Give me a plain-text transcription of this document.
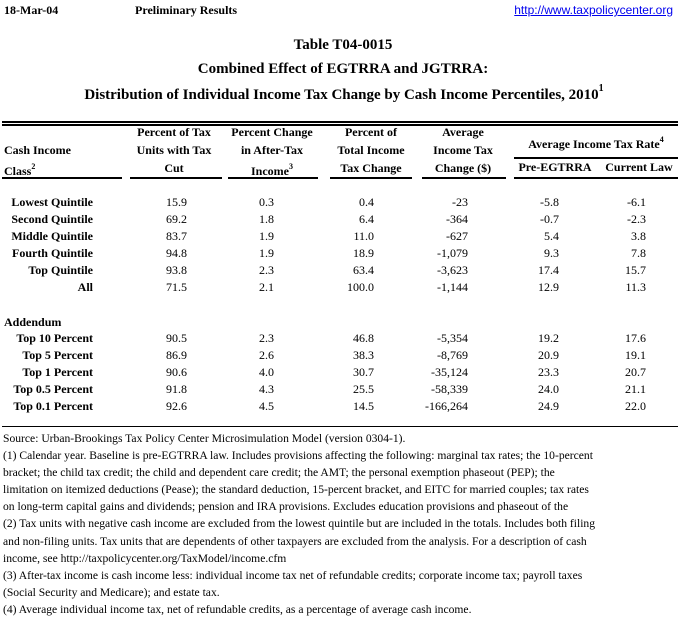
18-Mar-04	Preliminary Results	http://www.taxpolicycenter.org
Table T04-0015
Combined Effect of EGTRRA and JGTRRA:
Distribution of Individual Income Tax Change by Cash Income Percentiles, 2010$^1$
Cash Income Class$^2$
Percent of Tax
Units with Tax
Cut
Percent Change
in After-Tax
Income$^3$
Percent of
Total Income
Tax Change
Average
Income Tax
Change ($)
Average Income Tax Rate$^4$
Pre-EGTRRA	Current Law
Lowest Quintile	15.9	0.3	0.4	-23	-5.8	-6.1
Second Quintile	69.2	1.8	6.4	-364	-0.7	-2.3
Middle Quintile	83.7	1.9	11.0	-627	5.4	3.8
Fourth Quintile	94.8	1.9	18.9	-1,079	9.3	7.8
Top Quintile	93.8	2.3	63.4	-3,623	17.4	15.7
All	71.5	2.1	100.0	-1,144	12.9	11.3
Addendum
Top 10 Percent	90.5	2.3	46.8	-5,354	19.2	17.6
Top 5 Percent	86.9	2.6	38.3	-8,769	20.9	19.1
Top 1 Percent	90.6	4.0	30.7	-35,124	23.3	20.7
Top 0.5 Percent	91.8	4.3	25.5	-58,339	24.0	21.1
Top 0.1 Percent	92.6	4.5	14.5	-166,264	24.9	22.0

Source: Urban-Brookings Tax Policy Center Microsimulation Model (version 0304-1).

(1) Calendar year. Baseline is pre-EGTRRA law. Includes provisions affecting the following: marginal tax rates; the 10-percent

bracket; the child tax credit; the child and dependent care credit; the AMT; the personal exemption phaseout (PEP); the

limitation on itemized deductions (Pease); the standard deduction, 15-percent bracket, and EITC for married couples; tax rates

on long-term capital gains and dividends; pension and IRA provisions. Excludes education provisions and phaseout of the

(2) Tax units with negative cash income are excluded from the lowest quintile but are included in the totals. Includes both filing

and non-filing units. Tax units that are dependents of other taxpayers are excluded from the analysis. For a description of cash

income, see http://taxpolicycenter.org/TaxModel/income.cfm

(3) After-tax income is cash income less: individual income tax net of refundable credits; corporate income tax; payroll taxes

(Social Security and Medicare); and estate tax.

(4) Average individual income tax, net of refundable credits, as a percentage of average cash income.
